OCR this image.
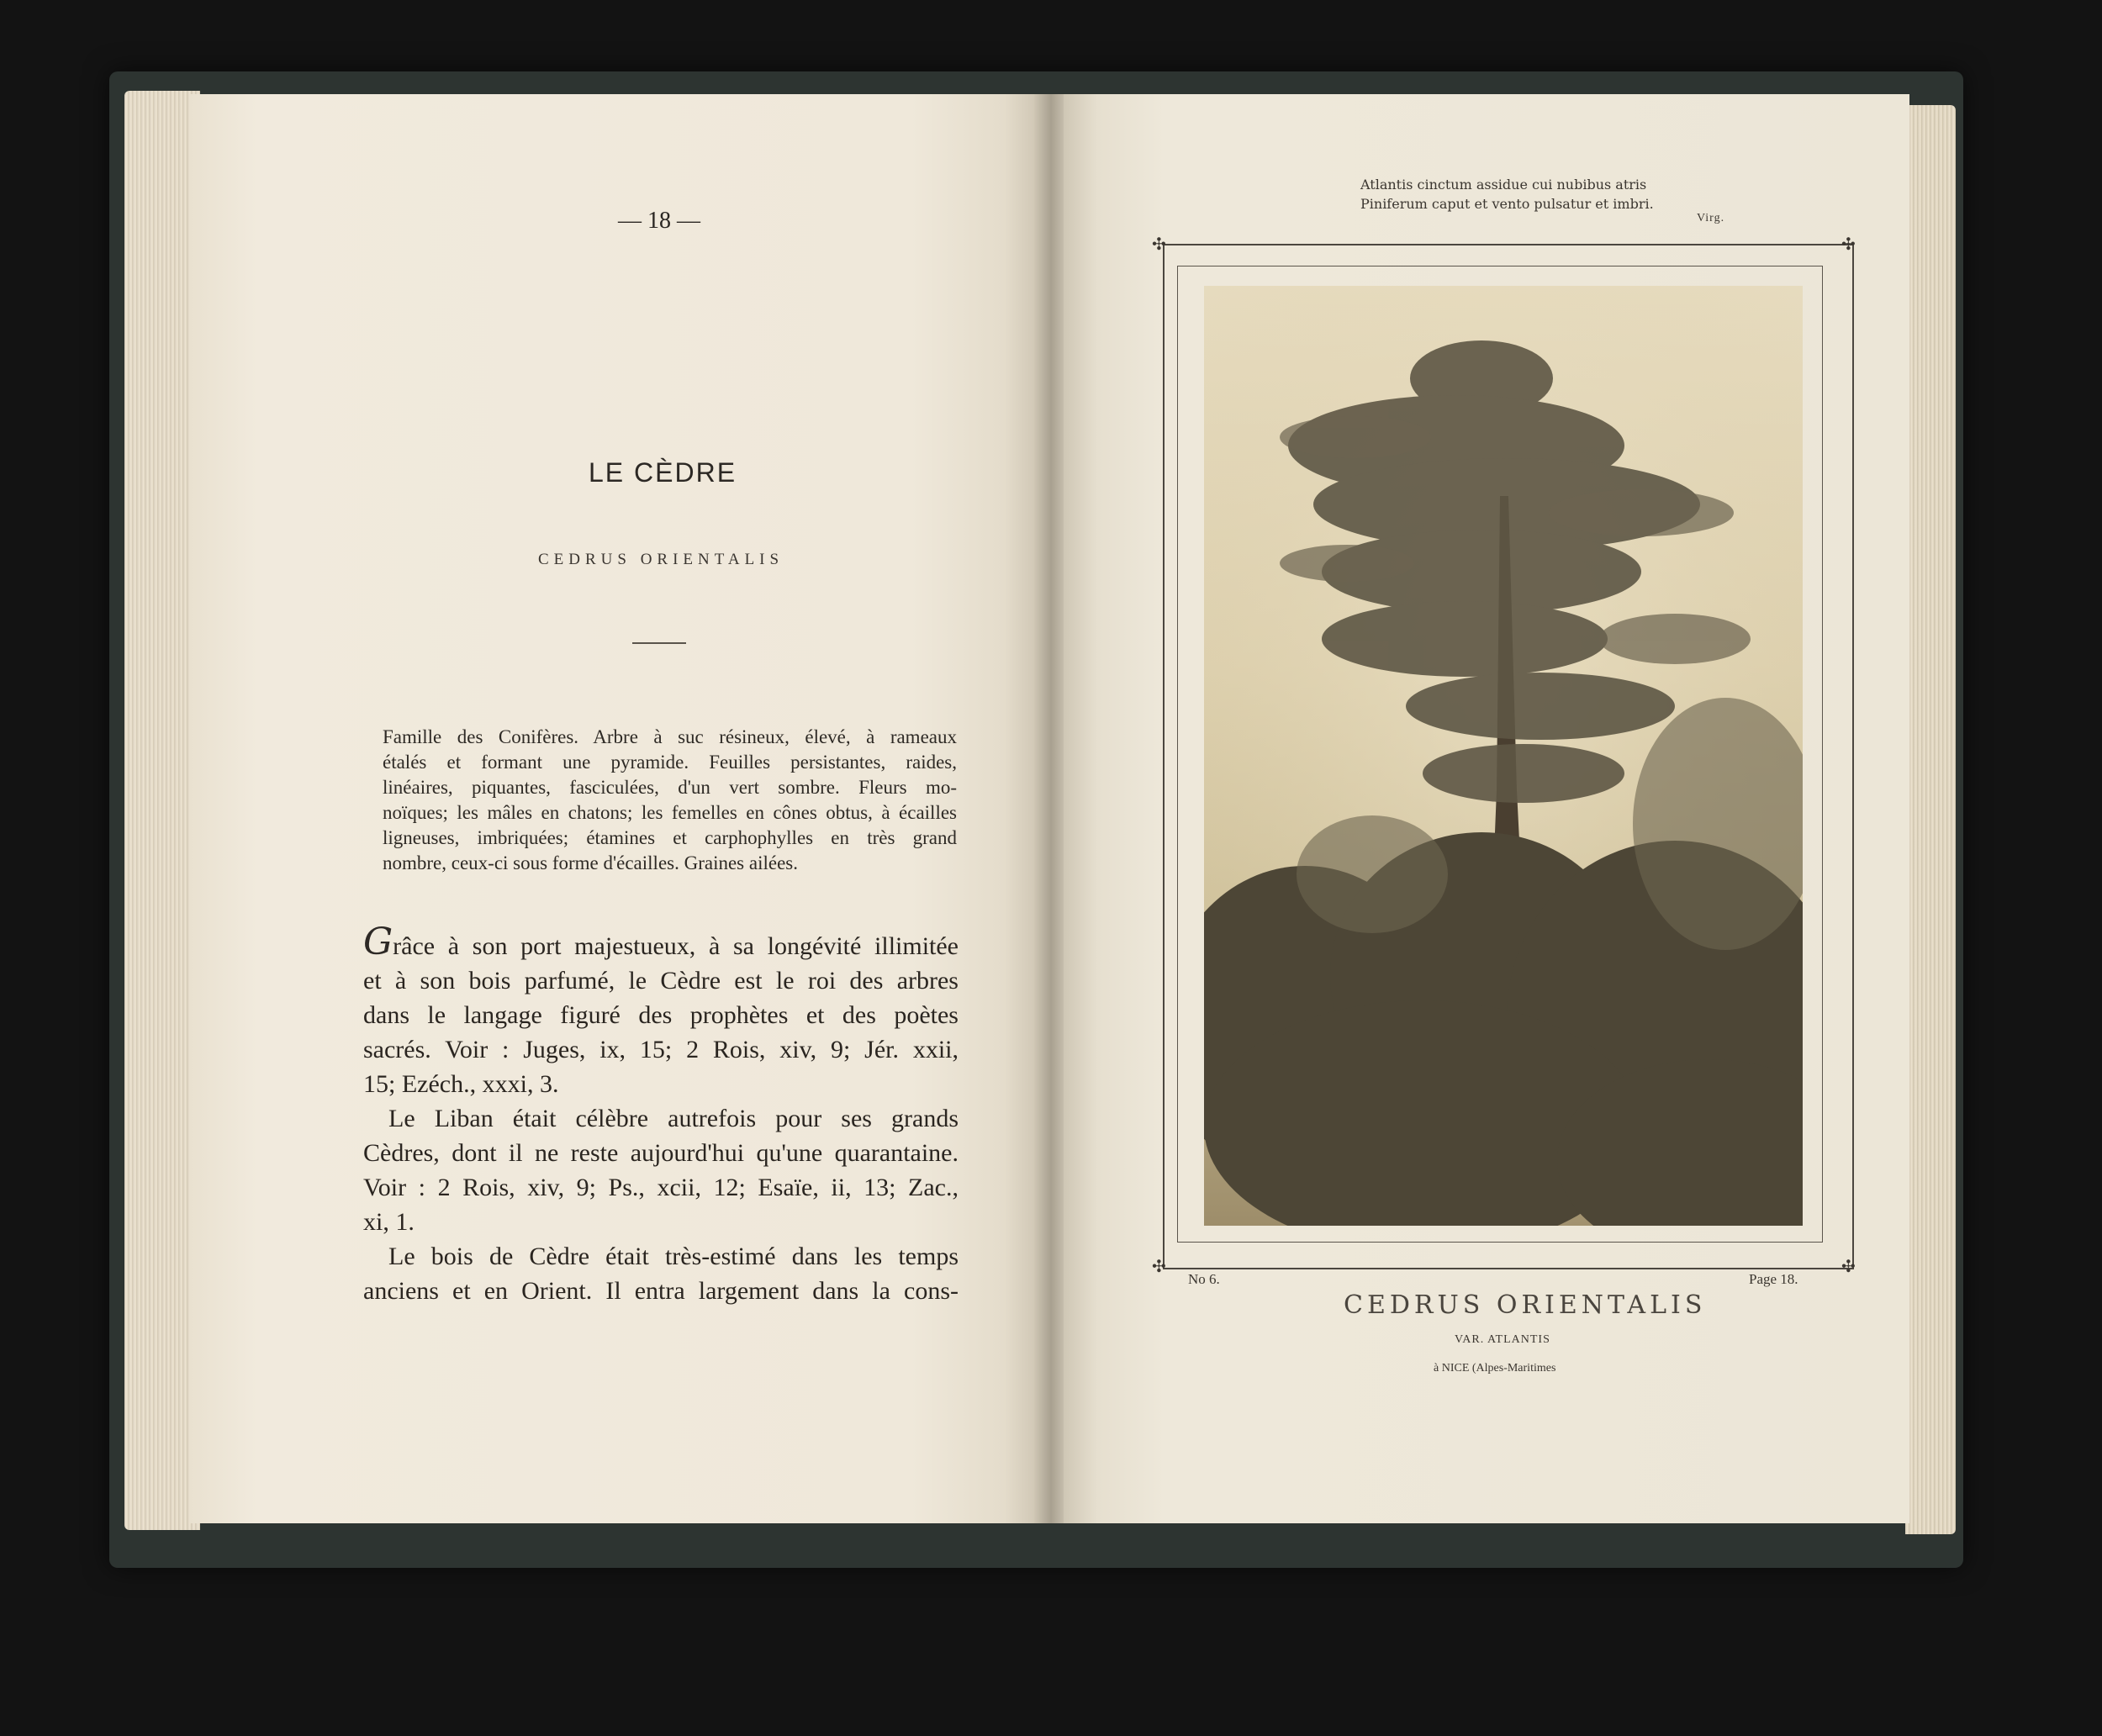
— 18 —
LE CÈDRE
CEDRUS ORIENTALIS
Famille des Conifères. Arbre à suc résineux, élevé, à rameaux
étalés et formant une pyramide. Feuilles persistantes, raides,
linéaires, piquantes, fasciculées, d'un vert sombre. Fleurs mo-
noïques; les mâles en chatons; les femelles en cônes obtus, à écailles
ligneuses, imbriquées; étamines et carphophylles en très grand
nombre, ceux-ci sous forme d'écailles. Graines ailées.
Grâce à son port majestueux, à sa longévité illimitée
et à son bois parfumé, le Cèdre est le roi des arbres
dans le langage figuré des prophètes et des poètes
sacrés. Voir : Juges, ix, 15; 2 Rois, xiv, 9; Jér. xxii,
15; Ezéch., xxxi, 3.
Le Liban était célèbre autrefois pour ses grands
Cèdres, dont il ne reste aujourd'hui qu'une quarantaine.
Voir : 2 Rois, xiv, 9; Ps., xcii, 12; Esaïe, ii, 13; Zac.,
xi, 1.
Le bois de Cèdre était très-estimé dans les temps
anciens et en Orient. Il entra largement dans la cons-
Atlantis cinctum assidue cui nubibus atris
Piniferum caput et vento pulsatur et imbri.
Virg.
✣	✣
✣	✣
No 6.	Page 18.
CEDRUS ORIENTALIS
VAR. ATLANTIS
à NICE (Alpes-Maritimes
